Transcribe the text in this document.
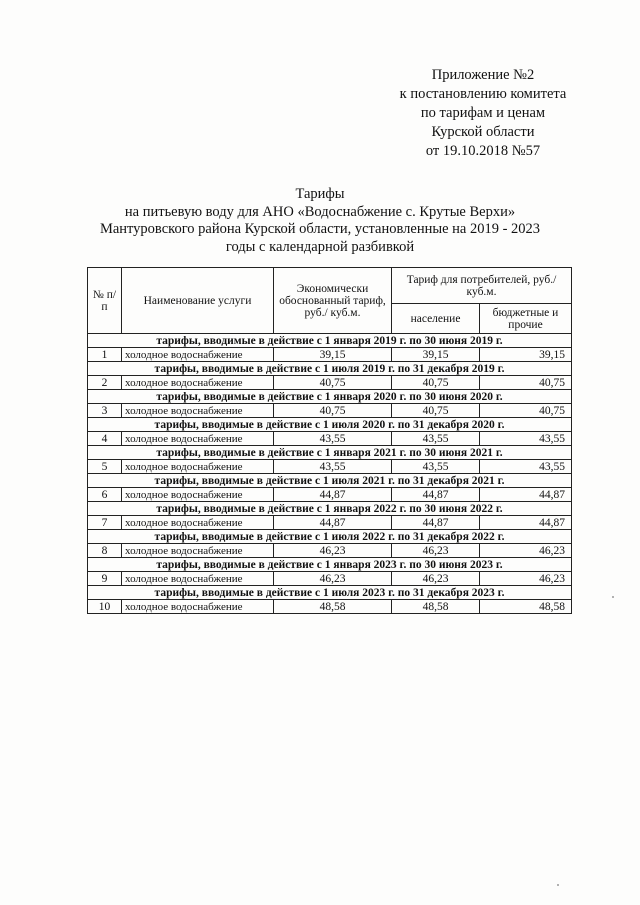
Приложение №2
к постановлению комитета
по тарифам и ценам
Курской области
от 19.10.2018 №57
Тарифы
на питьевую воду для АНО «Водоснабжение с. Крутые Верхи»
Мантуровского района Курской области, установленные на 2019 - 2023
годы с календарной разбивкой
№ п/п	Наименование услуги	Экономически обоснованный тариф, руб./ куб.м.	Тариф для потребителей, руб./куб.м.	
			население	бюджетные и прочие
тарифы, вводимые в действие с 1 января 2019 г. по 30 июня 2019 г.				
1	холодное водоснабжение	39,15	39,15	39,15
тарифы, вводимые в действие с 1 июля 2019 г. по 31 декабря 2019 г.				
2	холодное водоснабжение	40,75	40,75	40,75
тарифы, вводимые в действие с 1 января 2020 г. по 30 июня 2020 г.				
3	холодное водоснабжение	40,75	40,75	40,75
тарифы, вводимые в действие с 1 июля 2020 г. по 31 декабря 2020 г.				
4	холодное водоснабжение	43,55	43,55	43,55
тарифы, вводимые в действие с 1 января 2021 г. по 30 июня 2021 г.				
5	холодное водоснабжение	43,55	43,55	43,55
тарифы, вводимые в действие с 1 июля 2021 г. по 31 декабря 2021 г.				
6	холодное водоснабжение	44,87	44,87	44,87
тарифы, вводимые в действие с 1 января 2022 г. по 30 июня 2022 г.				
7	холодное водоснабжение	44,87	44,87	44,87
тарифы, вводимые в действие с 1 июля 2022 г. по 31 декабря 2022 г.				
8	холодное водоснабжение	46,23	46,23	46,23
тарифы, вводимые в действие с 1 января 2023 г. по 30 июня 2023 г.				
9	холодное водоснабжение	46,23	46,23	46,23
тарифы, вводимые в действие с 1 июля 2023 г. по 31 декабря 2023 г.				
10	холодное водоснабжение	48,58	48,58	48,58
